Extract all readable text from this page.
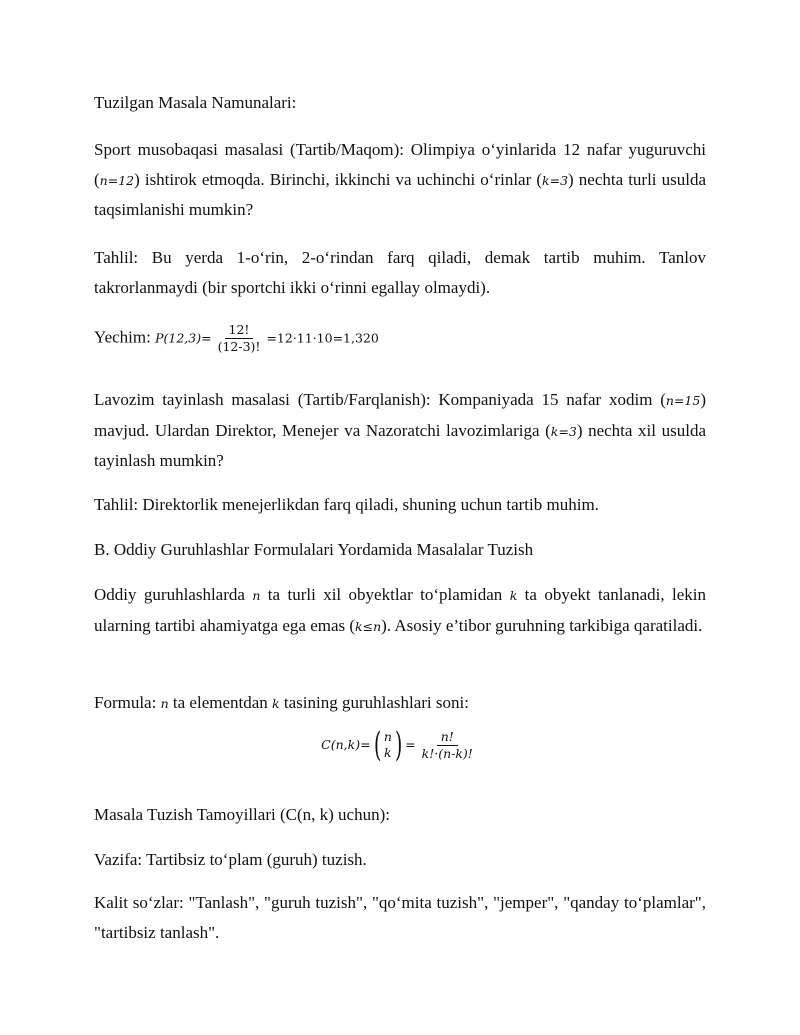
Tuzilgan Masala Namunalari:
Sport musobaqasi masalasi (Tartib/Maqom): Olimpiya o‘yinlarida 12 nafar yuguruvchi (n=12) ishtirok etmoqda. Birinchi, ikkinchi va uchinchi o‘rinlar (k=3) nechta turli usulda taqsimlanishi mumkin?
Tahlil: Bu yerda 1-o‘rin, 2-o‘rindan farq qiladi, demak tartib muhim. Tanlov takrorlanmaydi (bir sportchi ikki o‘rinni egallay olmaydi).
Yechim: $P(12,3)= \frac{12!}{(12-3)!} =12\cdot 11\cdot 10=1,320$
Lavozim tayinlash masalasi (Tartib/Farqlanish): Kompaniyada 15 nafar xodim (n=15) mavjud. Ulardan Direktor, Menejer va Nazoratchi lavozimlariga (k=3) nechta xil usulda tayinlash mumkin?
Tahlil: Direktorlik menejerlikdan farq qiladi, shuning uchun tartib muhim.
B. Oddiy Guruhlashlar Formulalari Yordamida Masalalar Tuzish
Oddiy guruhlashlarda n ta turli xil obyektlar to‘plamidan k ta obyekt tanlanadi, lekin ularning tartibi ahamiyatga ega emas (k≤n). Asosiy e’tibor guruhning tarkibiga qaratiladi.
Formula: n ta elementdan k tasining guruhlashlari soni:
C(n,k)= ( n
k ) = $\frac{n!}{k!\cdot(n-k)!}$
Masala Tuzish Tamoyillari (C(n, k) uchun):
Vazifa: Tartibsiz to‘plam (guruh) tuzish.
Kalit so‘zlar: "Tanlash", "guruh tuzish", "qo‘mita tuzish", "jemper", "qanday to‘plamlar", "tartibsiz tanlash".
